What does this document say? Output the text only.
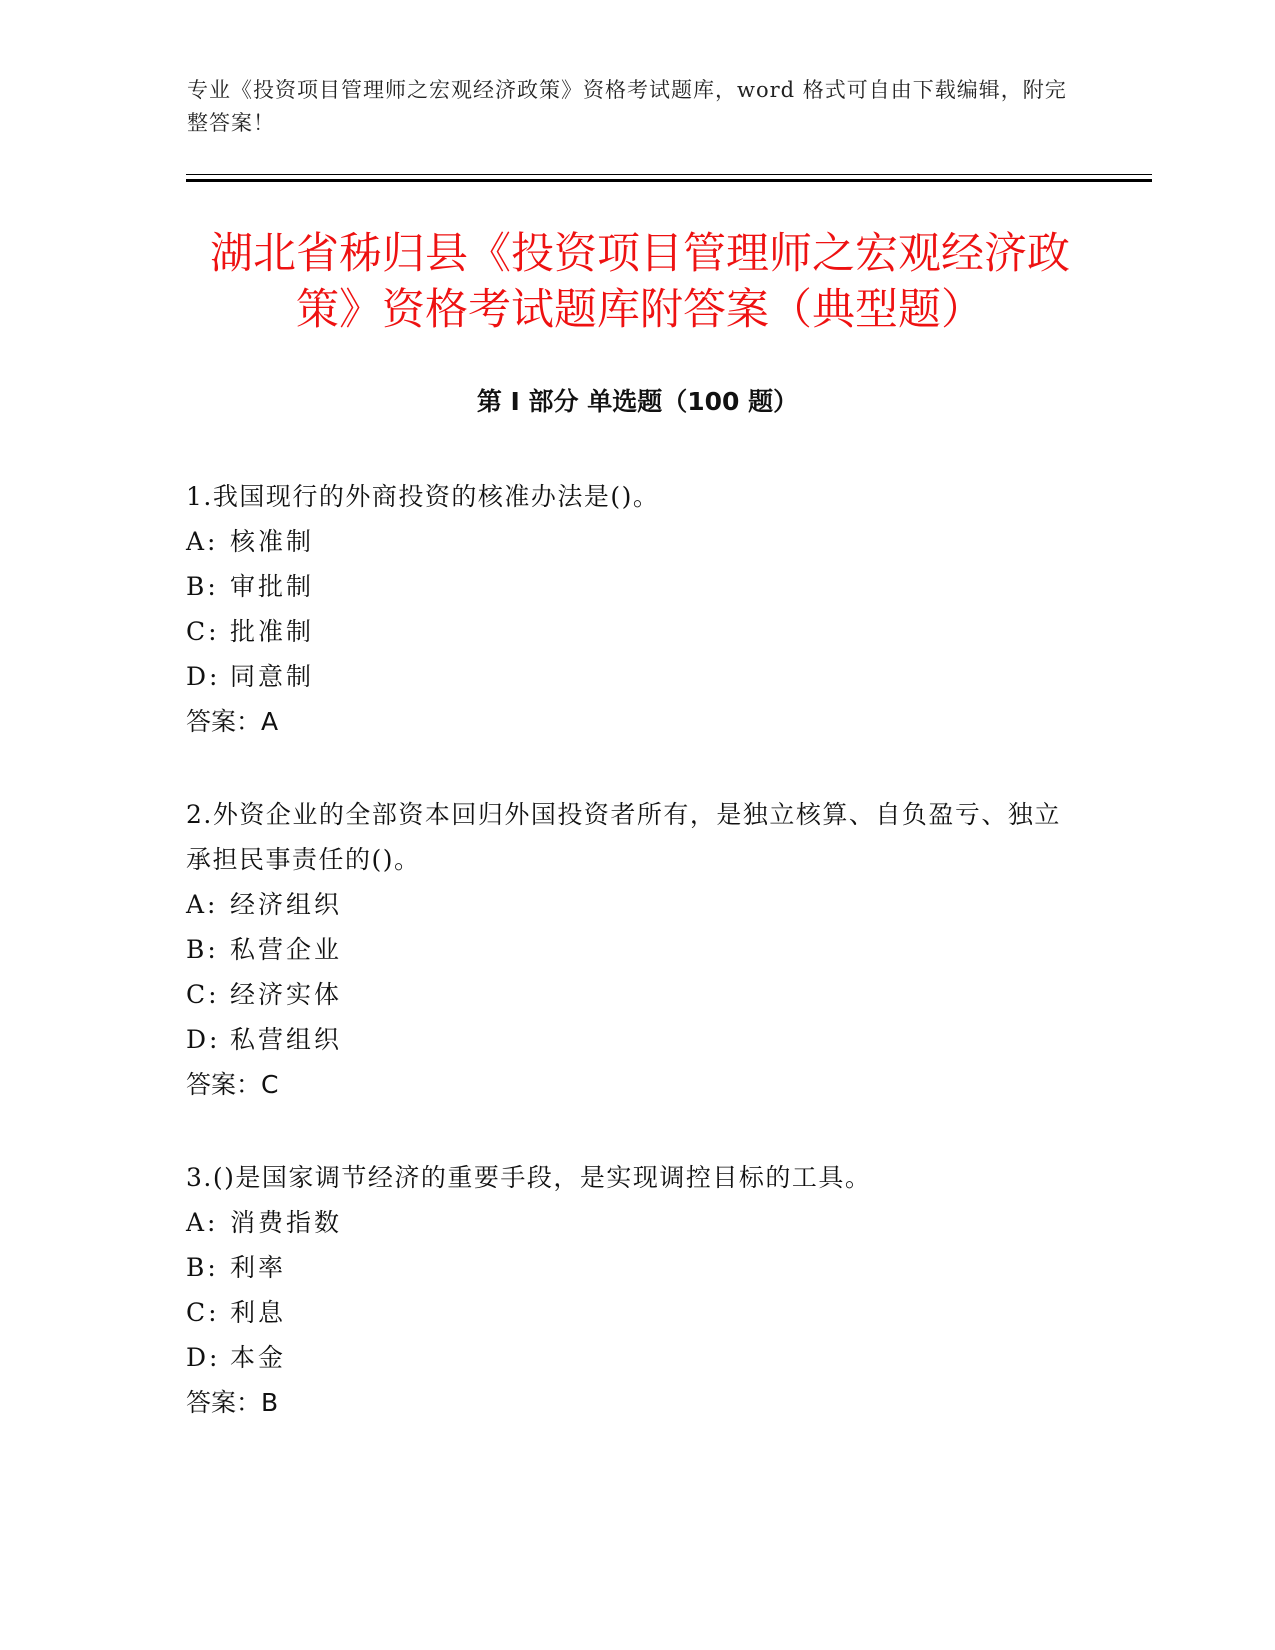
专业《投资项目管理师之宏观经济政策》资格考试题库，word 格式可自由下载编辑，附完整答案！
湖北省秭归县《投资项目管理师之宏观经济政策》资格考试题库附答案（典型题）
第 I 部分 单选题（100 题）

1.我国现行的外商投资的核准办法是()。

A: 核准制

B: 审批制

C: 批准制

D: 同意制

答案：A

2.外资企业的全部资本回归外国投资者所有，是独立核算、自负盈亏、独立承担民事责任的()。

A: 经济组织

B: 私营企业

C: 经济实体

D: 私营组织

答案：C

3.()是国家调节经济的重要手段，是实现调控目标的工具。

A: 消费指数

B: 利率

C: 利息

D: 本金

答案：B
